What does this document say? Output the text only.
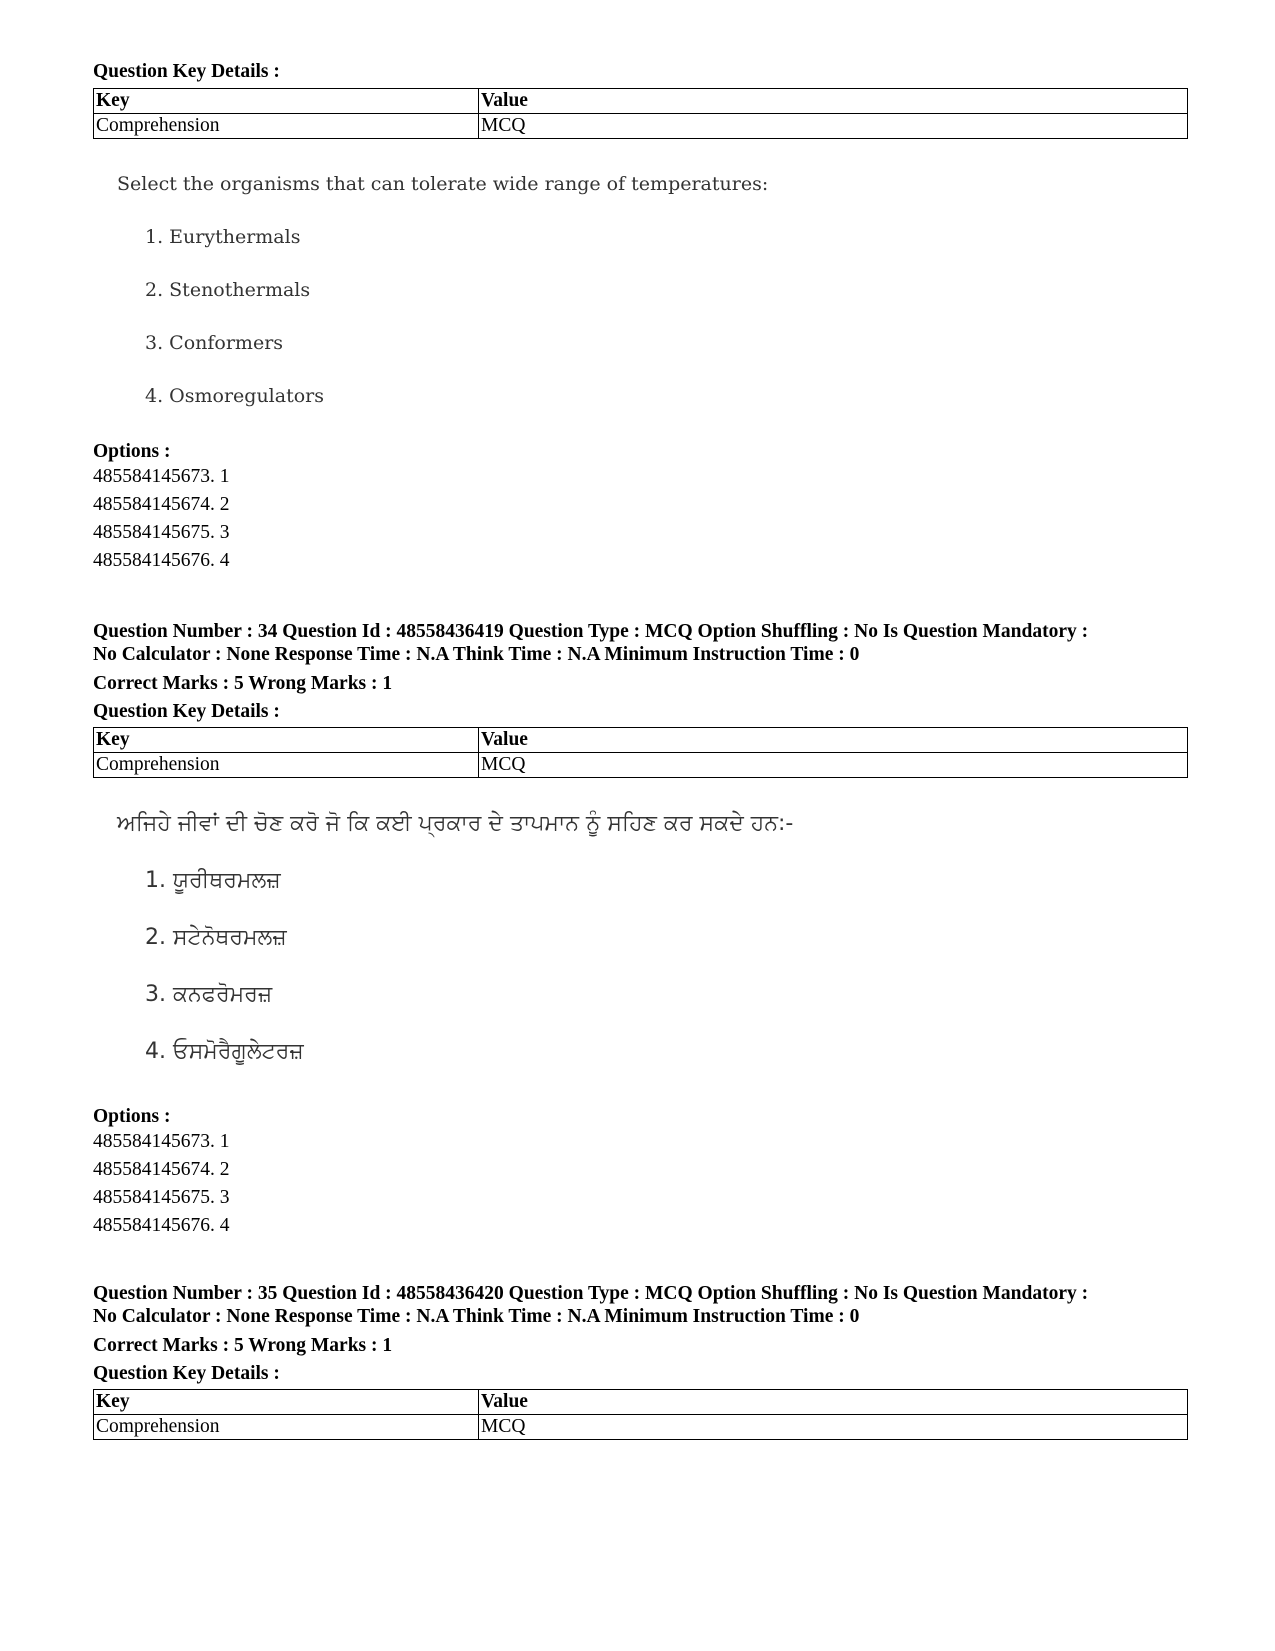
Question Key Details :
Key	Value
Comprehension	MCQ
Select the organisms that can tolerate wide range of temperatures:
1. Eurythermals
2. Stenothermals
3. Conformers
4. Osmoregulators
Options :
485584145673. 1
485584145674. 2
485584145675. 3
485584145676. 4
Question Number : 34 Question Id : 48558436419 Question Type : MCQ Option Shuffling : No Is Question Mandatory :
No Calculator : None Response Time : N.A Think Time : N.A Minimum Instruction Time : 0
Correct Marks : 5 Wrong Marks : 1
Question Key Details :
Key	Value
Comprehension	MCQ
ਅਜਿਹੇ ਜੀਵਾਂ ਦੀ ਚੋਣ ਕਰੋ ਜੋ ਕਿ ਕਈ ਪ੍ਰਕਾਰ ਦੇ ਤਾਪਮਾਨ ਨੂੰ ਸਹਿਣ ਕਰ ਸਕਦੇ ਹਨ:-
1. ਯੂਰੀਥਰਮਲਜ਼
2. ਸਟੇਨੋਥਰਮਲਜ਼
3. ਕਨਫਰੋਮਰਜ਼
4. ਓਸਮੋਰੈਗੂਲੇਟਰਜ਼
Options :
485584145673. 1
485584145674. 2
485584145675. 3
485584145676. 4
Question Number : 35 Question Id : 48558436420 Question Type : MCQ Option Shuffling : No Is Question Mandatory :
No Calculator : None Response Time : N.A Think Time : N.A Minimum Instruction Time : 0
Correct Marks : 5 Wrong Marks : 1
Question Key Details :
Key	Value
Comprehension	MCQ
